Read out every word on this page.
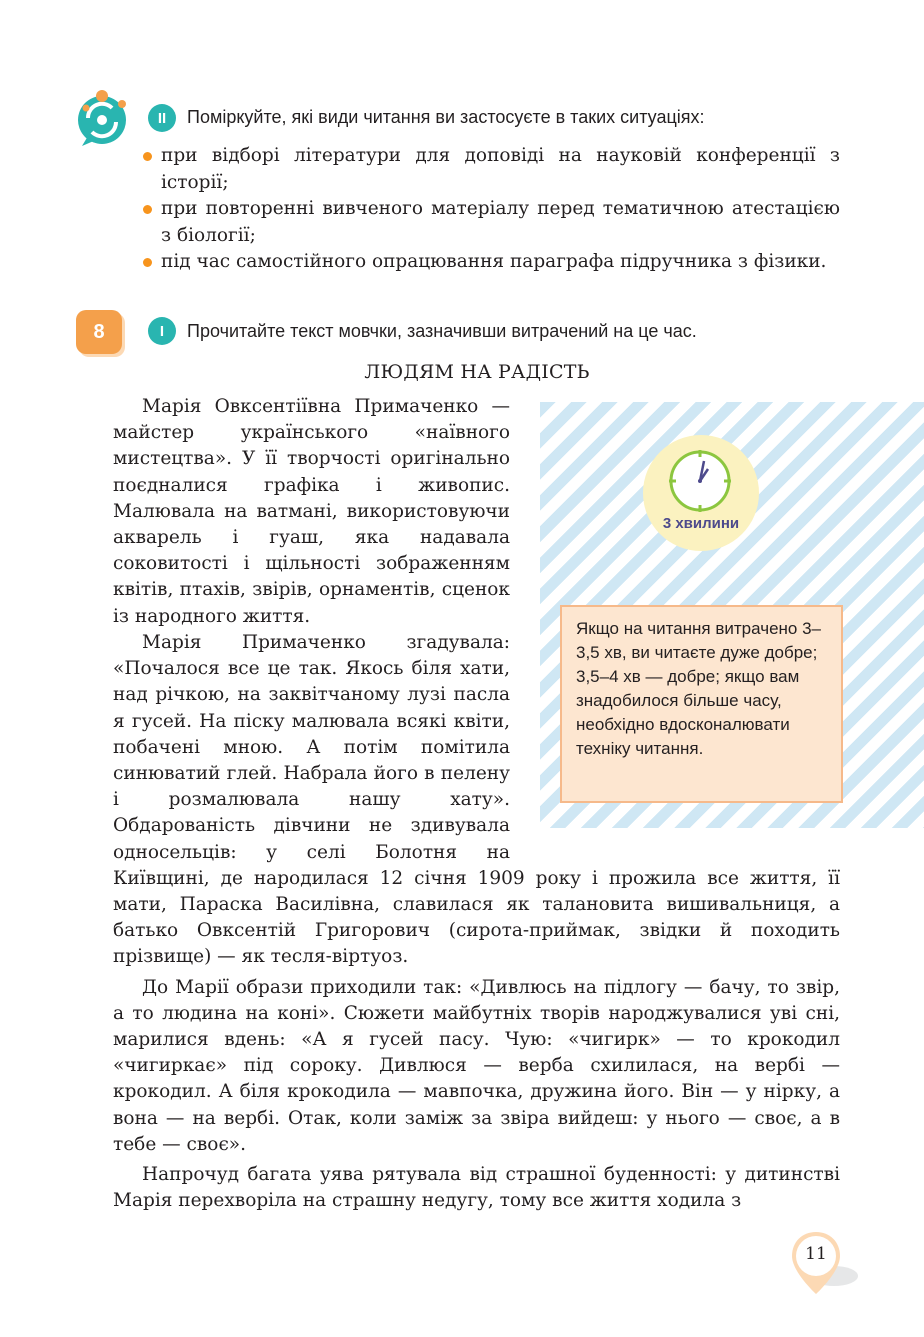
II	Поміркуйте, які види читання ви застосуєте в таких ситуаціях:
при відборі літератури для доповіді на науковій конференції з історії;
при повторенні вивченого матеріалу перед тематичною атестацією з біології;
під час самостійного опрацювання параграфа підручника з фізики.
8	I	Прочитайте текст мовчки, зазначивши витрачений на це час.
ЛЮДЯМ НА РАДІСТЬ
3 хвилини
Якщо на читання витрачено 3–3,5 хв, ви читаєте дуже добре; 3,5–4 хв — добре; якщо вам знадобилося більше часу, необхідно вдосконалювати техніку читання.

Марія Овксентіївна Примаченко — майстер українського «наївного мистецтва». У її творчості оригінально поєдналися графіка і живопис. Малювала на ватмані, використовуючи акварель і гуаш, яка надавала соковитості і щільності зображенням квітів, птахів, звірів, орнаментів, сценок із народного життя.

Марія Примаченко згадувала: «Почалося все це так. Якось біля хати, над річкою, на заквітчаному лузі пасла я гусей. На піску малювала всякі квіти, побачені мною. А потім помітила синюватий глей. Набрала його в пелену і розмалювала нашу хату». Обдарованість дівчини не здивувала односельців: у селі Болотня на Київщині, де народилася 12 січня 1909 року і прожила все життя, її мати, Параска Василівна, славилася як талановита вишивальниця, а батько Овксентій Григорович (сирота-приймак, звідки й походить прізвище) — як тесля-віртуоз.

До Марії образи приходили так: «Дивлюсь на підлогу — бачу, то звір, а то людина на коні». Сюжети майбутніх творів народжувалися уві сні, марилися вдень: «А я гусей пасу. Чую: «чигирк» — то крокодил «чигиркає» під сороку. Дивлюся — верба схилилася, на вербі — крокодил. А біля крокодила — мавпочка, дружина його. Він — у нірку, а вона — на вербі. Отак, коли заміж за звіра вийдеш: у нього — своє, а в тебе — своє».

Напрочуд багата уява рятувала від страшної буденності: у дитинстві Марія перехворіла на страшну недугу, тому все життя ходила з

11
